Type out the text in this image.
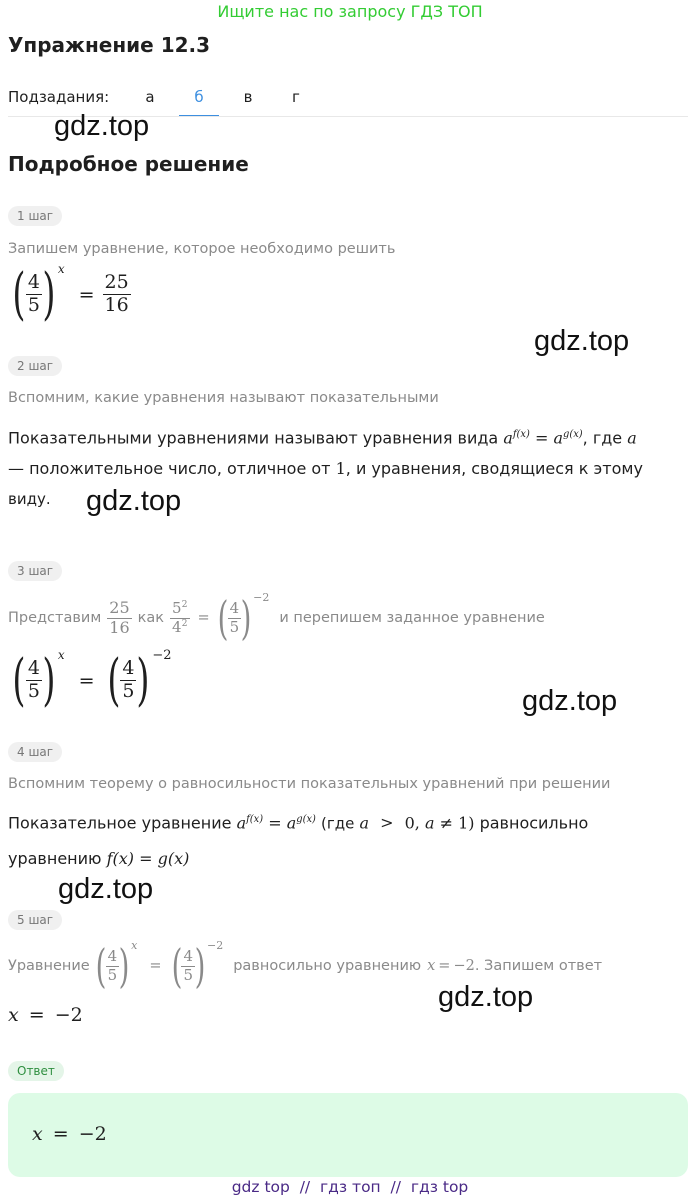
Ищите нас по запросу ГДЗ ТОП
Упражнение 12.3
Подзадания:	а	б	в	г
gdz.top
gdz.top
gdz.top
gdz.top
gdz.top
gdz.top
Подробное решение
1 шаг
Запишем уравнение, которое необходимо решить
( $\frac{4}{5}$ ) x
= $\frac{25}{16}$
2 шаг
Вспомним, какие уравнения называют показательными
Показательными уравнениями называют уравнения вида $a^{f(x)} = a^{g(x)}$, где a
— положительное число, отличное от 1, и уравнения, сводящиеся к этому
виду.
3 шаг
Представим $\frac{25}{16}$ как $\frac{5^2}{4^2}$ = ( $\frac{4}{5}$ ) −2
и перепишем заданное уравнение
( $\frac{4}{5}$ ) x
= ( $\frac{4}{5}$ ) −2
4 шаг
Вспомним теорему о равносильности показательных уравнений при решении
Показательное уравнение $a^{f(x)} = a^{g(x)}$ (где a > 0, a ≠ 1) равносильно
уравнению f(x) = g(x)
5 шаг
Уравнение ( $\frac{4}{5}$ ) x
= ( $\frac{4}{5}$ ) −2
равносильно уравнению x = −2 . Запишем ответ
x = −2
Ответ
x = −2
gdz top  //  гдз топ  //  гдз top
